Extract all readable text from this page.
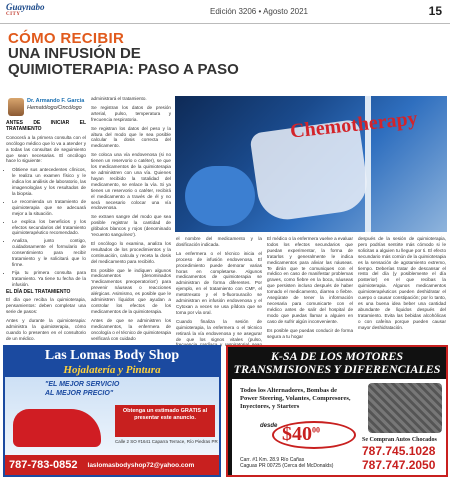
Guaynabo
CITY	Edición 3206 • Agosto 2021	15
CÓMO RECIBIR
UNA INFUSIÓN DE QUIMIOTERAPIA: PASO A PASO
Dr. Armando F. Garcia
Hematólogo/Oncólogo	Chemotherapy
ANTES DE INICIAR EL TRATAMIENTO

Conocerá a la primera consulta con el oncólogo médico que lo va a atender y a todas las consultas de seguimiento que sean necesarias. El oncólogo hace lo siguiente:

• Obtiene sus antecedentes clínicos, le realiza un examen físico y le indica los análisis de laboratorio, las imagenologías y los resultados de la biopsia.
• Le recomienda un tratamiento de quimioterapia que se adecuará mejor a la situación.
• Le explica los beneficios y los efectos secundarios del tratamiento quimioterapéutico recomendado.
• Analiza, junto contigo, cuidadosamente el formulario de consentimiento para recibir tratamiento y le solicitará que lo firme.
• Fija tu primera consulta para tratamiento. Ya tiene tu fecha de la infusión.
EL DÍA DEL TRATAMIENTO

El día que reciba la quimioterapia, pensamientos: deben completar una serie de pasos:

Antes y durante la quimioterapia: administra la quimioterapia, cómo cuando lo presenten en el consultorio de un médico.

administrará el tratamiento.

Se registran los datos de presión arterial, pulso, temperatura y frecuencia respiratoria.

Se registran los datos del peso y la altura del modo que le sea posible calcular la dosis correcta del medicamento.

Se coloca una vía endovenosa (si no tienen un reservorio o catéter), se que los medicamentos de la quimioterapia se administren con una vía. Quienes hayan recibido la totalidad del medicamento, se enlace la vía. Si ya tienes un reservorio o catéter, recibirá el medicamento a través de él y no será necesario colocar una vía endovenosa.

Se extraen sangre del modo que sea posible registrar la cantidad de glóbulos blancos y rojos (denominado 'recuento sanguíneo').

El oncólogo lo examina, analiza los resultados de los procedimientos y la continuación, calcula y receta la dosis del medicamento para recibirlo.

Es posible que le indiquen algunos medicamentos (denominados 'medicamentos preoperatorios') para prevenir náuseas o reacciones alérgicas. Asimismo, es posible que le administren líquidos que ayudan a controlar los efectos de los medicamentos de la quimioterapia.

Antes de que se administren los medicamentos, la enfermera de oncología o el técnico de quimioterapia verificará con cuidado

el nombre del medicamento y la dosificación indicada.

La enfermera o el técnico inicia el proceso de infusión endovenosa. El procedimiento puede demorar varias horas en completarse. Algunos medicamentos de quimioterapia se administran de forma diferentes. Por ejemplo, en el tratamiento con CMF, el metotrexato y el 5-fluorouracilo se administran en infusión endovenosa y el Cytoxan a veces se usa píldora que se toma por vía oral.

Cuando finaliza la sesión de quimioterapia, la enfermera o el técnico retirará la vía endovenosa y se asegurar de que los signos vitales (pulso, y

El médico o la enfermera vuelve a evaluar todos los efectos secundarios que puedan experimentar, la forma de tratarlos y generalmente le indica medicamentos para aliviar las náuseas. Te dirán que te comuniques con el médico en caso de manifestar problemas graves, como fiebre en la boca, náuseas que persisten incluso después de haber tomado el medicamento, diarrea o fiebre. Asegúrate de tener la información necesaria para comunicarte con el médico antes de salir del hospital de modo que puedas llamar a alguien en caso de sufrir algún inconveniente.

Es posible que puedas conducir de forma segura a tu hogar

después de la sesión de quimioterapia, pero podrías sentirte más cómodo si le solicitas a alguien tu llegue por ti. El efecto secundario más común de la quimioterapia es la sensación de agotamiento extremo, tiempo. Deberías tratar de descansar el resto del día (y posiblemente el día posterior) en el que recibas la quimioterapia. Algunos medicamentos quimioterapéuticos pueden deshidratar el cuerpo o causar constipación; por lo tanto, es una buena idea beber una cantidad abundante de líquidos después del tratamiento. Evita las bebidas alcohólicas o con cafeína porque pueden causar mayor deshidratación.

Las Lomas Body Shop
Hojalatería y Pintura
"EL MEJOR SERVICIO
AL MEJOR PRECIO"
Obtenga un estimado GRATIS al presentar este anuncio.
Calle 2 SO #1641 Caparra Terrace, Río Piedras PR
787-783-0852	laslomasbodyshop72@yahoo.com
K-SA DE LOS MOTORES
TRANSMISIONES Y DIFERENCIALES
Todos los Alternadores, Bombas de
Power Steering, Volantes, Compresores,
Inyectores, y Starters
desde $\$40^{00}$
Carr. #1 Km. 28.9 Río Cañas
Caguas PR 00725 (Cerca del McDonalds)
Se Compran Autos Chocados
787.745.1028
787.747.2050
